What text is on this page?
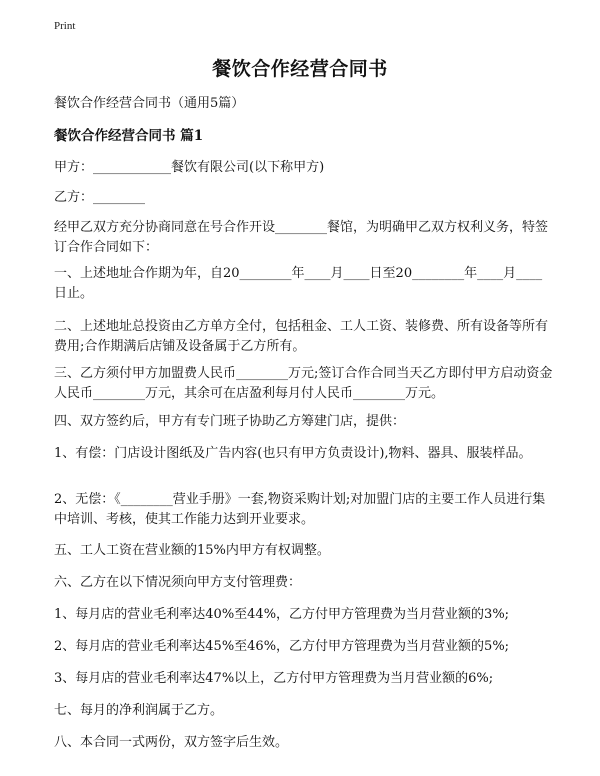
Print
餐饮合作经营合同书
餐饮合作经营合同书（通用5篇）
餐饮合作经营合同书 篇1
甲方：____________餐饮有限公司(以下称甲方)
乙方：________
经甲乙双方充分协商同意在号合作开设________餐馆，为明确甲乙双方权利义务，特签订合作合同如下：
一、上述地址合作期为年，自20________年____月____日至20________年____月____日止。
二、上述地址总投资由乙方单方全付，包括租金、工人工资、装修费、所有设备等所有费用;合作期满后店铺及设备属于乙方所有。
三、乙方须付甲方加盟费人民币________万元;签订合作合同当天乙方即付甲方启动资金人民币________万元，其余可在店盈利每月付人民币________万元。
四、双方签约后，甲方有专门班子协助乙方筹建门店，提供：
1、有偿：门店设计图纸及广告内容(也只有甲方负责设计),物料、器具、服装样品。
2、无偿：《________营业手册》一套,物资采购计划;对加盟门店的主要工作人员进行集中培训、考核，使其工作能力达到开业要求。
五、工人工资在营业额的15%内甲方有权调整。
六、乙方在以下情况须向甲方支付管理费：
1、每月店的营业毛利率达40%至44%，乙方付甲方管理费为当月营业额的3%;
2、每月店的营业毛利率达45%至46%，乙方付甲方管理费为当月营业额的5%;
3、每月店的营业毛利率达47%以上，乙方付甲方管理费为当月营业额的6%;
七、每月的净利润属于乙方。
八、本合同一式两份，双方签字后生效。
